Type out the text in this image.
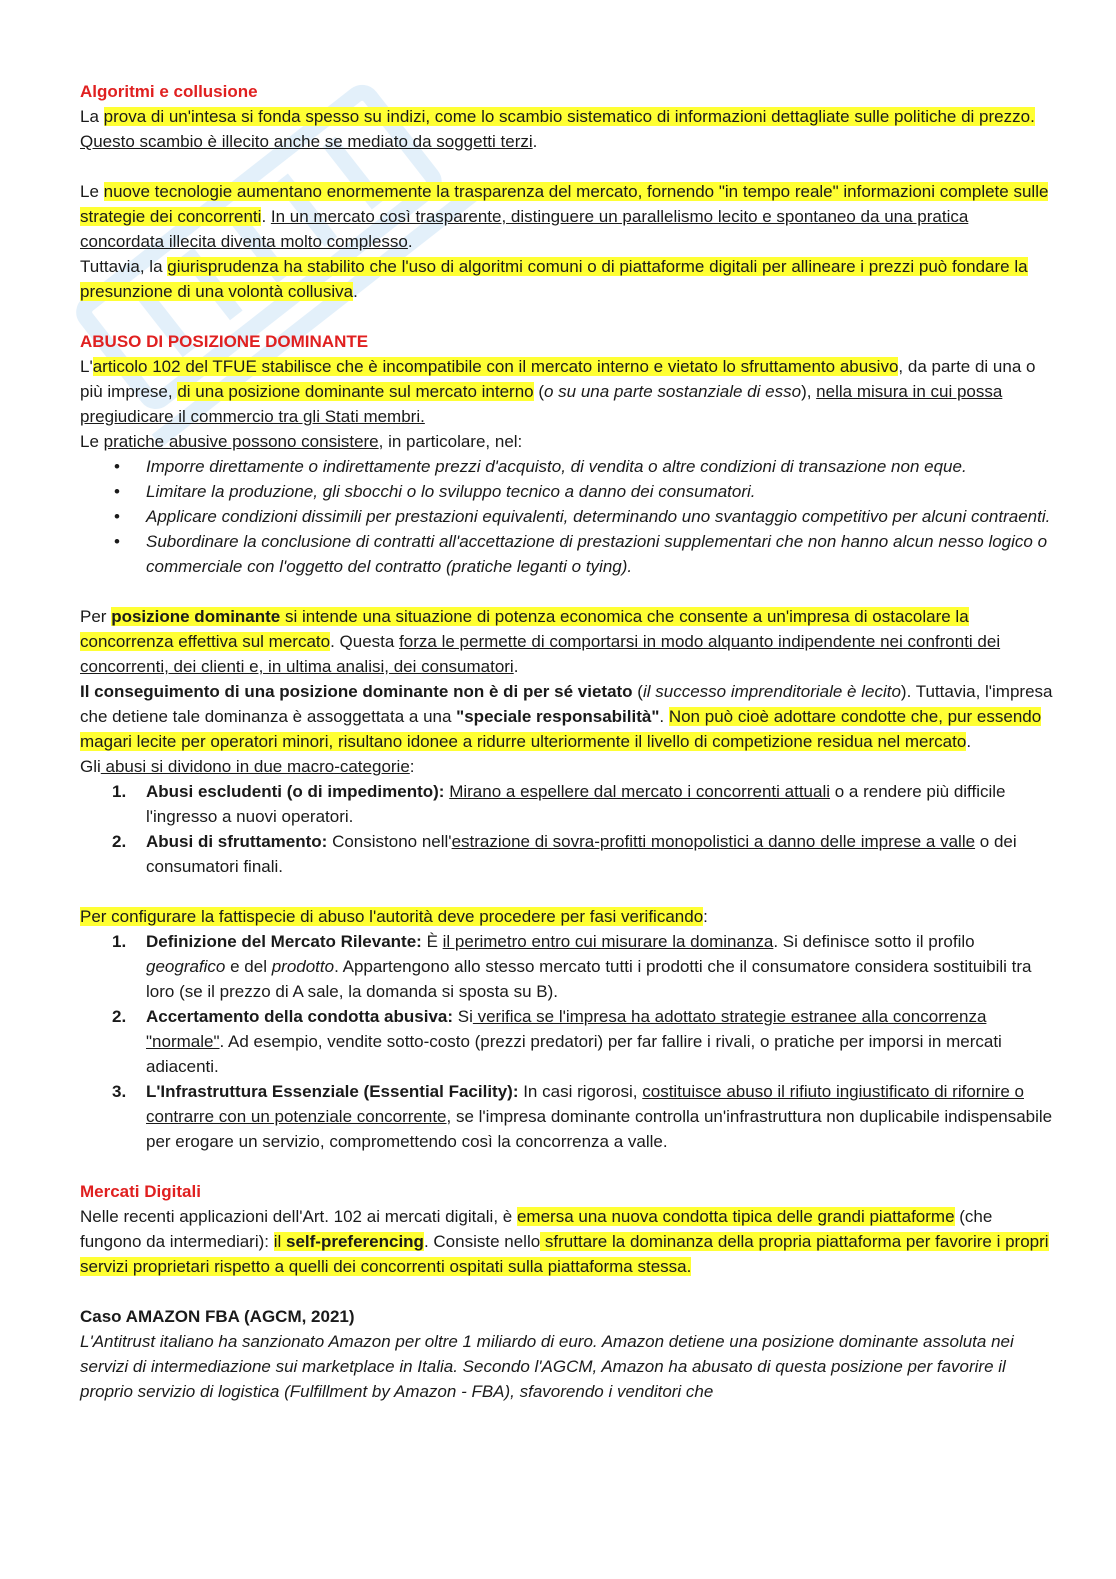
Algoritmi e collusione

La prova di un'intesa si fonda spesso su indizi, come lo scambio sistematico di informazioni dettagliate sulle politiche di prezzo. Questo scambio è illecito anche se mediato da soggetti terzi.

Le nuove tecnologie aumentano enormemente la trasparenza del mercato, fornendo "in tempo reale" informazioni complete sulle strategie dei concorrenti. In un mercato così trasparente, distinguere un parallelismo lecito e spontaneo da una pratica concordata illecita diventa molto complesso.

Tuttavia, la giurisprudenza ha stabilito che l'uso di algoritmi comuni o di piattaforme digitali per allineare i prezzi può fondare la presunzione di una volontà collusiva.

ABUSO DI POSIZIONE DOMINANTE

L'articolo 102 del TFUE stabilisce che è incompatibile con il mercato interno e vietato lo sfruttamento abusivo, da parte di una o più imprese, di una posizione dominante sul mercato interno (o su una parte sostanziale di esso), nella misura in cui possa pregiudicare il commercio tra gli Stati membri.

Le pratiche abusive possono consistere, in particolare, nel:

• Imporre direttamente o indirettamente prezzi d'acquisto, di vendita o altre condizioni di transazione non eque.
• Limitare la produzione, gli sbocchi o lo sviluppo tecnico a danno dei consumatori.
• Applicare condizioni dissimili per prestazioni equivalenti, determinando uno svantaggio competitivo per alcuni contraenti.
• Subordinare la conclusione di contratti all'accettazione di prestazioni supplementari che non hanno alcun nesso logico o commerciale con l'oggetto del contratto (pratiche leganti o tying).

Per posizione dominante si intende una situazione di potenza economica che consente a un'impresa di ostacolare la concorrenza effettiva sul mercato. Questa forza le permette di comportarsi in modo alquanto indipendente nei confronti dei concorrenti, dei clienti e, in ultima analisi, dei consumatori.

Il conseguimento di una posizione dominante non è di per sé vietato (il successo imprenditoriale è lecito). Tuttavia, l'impresa che detiene tale dominanza è assoggettata a una "speciale responsabilità". Non può cioè adottare condotte che, pur essendo magari lecite per operatori minori, risultano idonee a ridurre ulteriormente il livello di competizione residua nel mercato.

Gli abusi si dividono in due macro-categorie:

1. Abusi escludenti (o di impedimento): Mirano a espellere dal mercato i concorrenti attuali o a rendere più difficile l'ingresso a nuovi operatori.
2. Abusi di sfruttamento: Consistono nell'estrazione di sovra-profitti monopolistici a danno delle imprese a valle o dei consumatori finali.

Per configurare la fattispecie di abuso l'autorità deve procedere per fasi verificando:

1. Definizione del Mercato Rilevante: È il perimetro entro cui misurare la dominanza. Si definisce sotto il profilo geografico e del prodotto. Appartengono allo stesso mercato tutti i prodotti che il consumatore considera sostituibili tra loro (se il prezzo di A sale, la domanda si sposta su B).
2. Accertamento della condotta abusiva: Si verifica se l'impresa ha adottato strategie estranee alla concorrenza "normale". Ad esempio, vendite sotto-costo (prezzi predatori) per far fallire i rivali, o pratiche per imporsi in mercati adiacenti.
3. L'Infrastruttura Essenziale (Essential Facility): In casi rigorosi, costituisce abuso il rifiuto ingiustificato di rifornire o contrarre con un potenziale concorrente, se l'impresa dominante controlla un'infrastruttura non duplicabile indispensabile per erogare un servizio, compromettendo così la concorrenza a valle.

Mercati Digitali

Nelle recenti applicazioni dell'Art. 102 ai mercati digitali, è emersa una nuova condotta tipica delle grandi piattaforme (che fungono da intermediari): il self-preferencing. Consiste nello sfruttare la dominanza della propria piattaforma per favorire i propri servizi proprietari rispetto a quelli dei concorrenti ospitati sulla piattaforma stessa.

Caso AMAZON FBA (AGCM, 2021)

L'Antitrust italiano ha sanzionato Amazon per oltre 1 miliardo di euro. Amazon detiene una posizione dominante assoluta nei servizi di intermediazione sui marketplace in Italia. Secondo l'AGCM, Amazon ha abusato di questa posizione per favorire il proprio servizio di logistica (Fulfillment by Amazon - FBA), sfavorendo i venditori che
